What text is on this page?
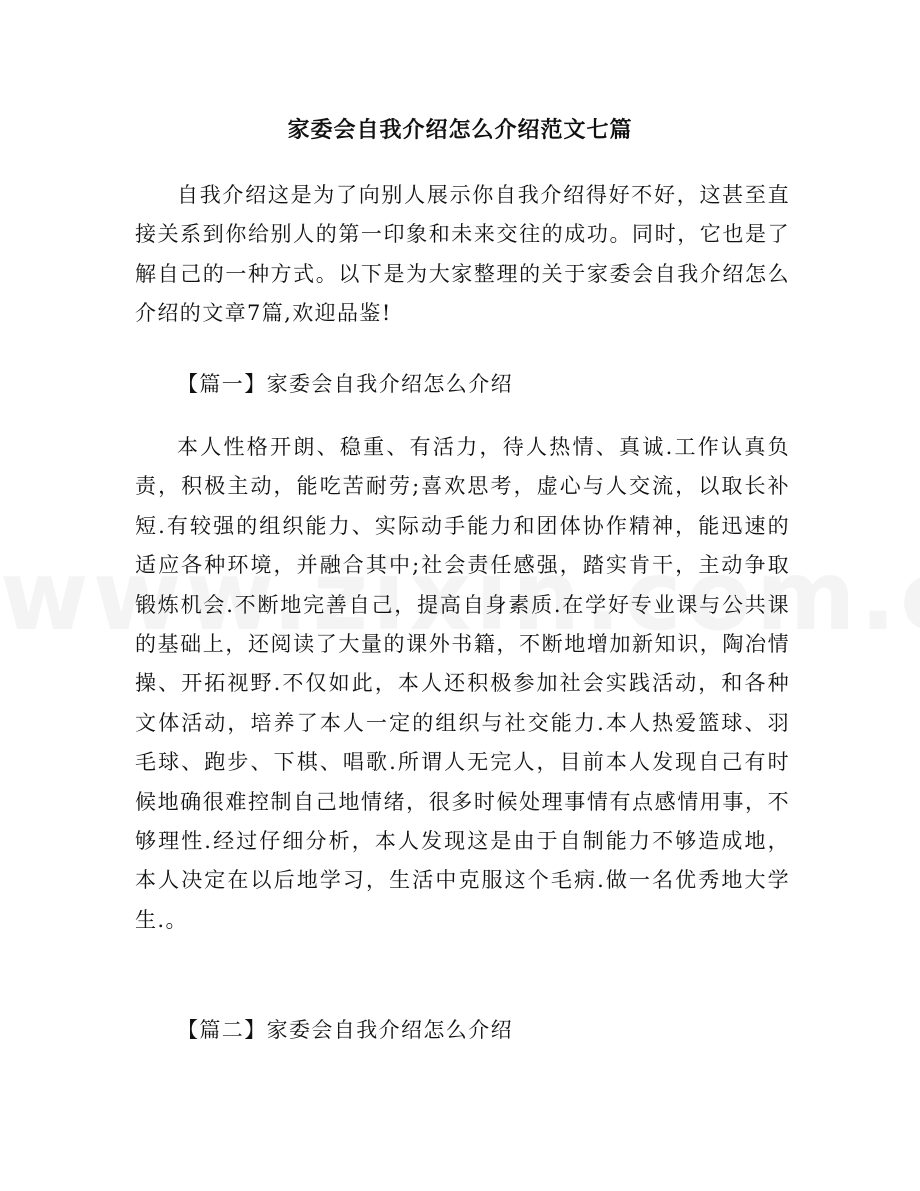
家委会自我介绍怎么介绍范文七篇

自我介绍这是为了向别人展示你自我介绍得好不好，这甚至直接关系到你给别人的第一印象和未来交往的成功。同时，它也是了解自己的一种方式。以下是为大家整理的关于家委会自我介绍怎么介绍的文章7篇,欢迎品鉴!

【篇一】家委会自我介绍怎么介绍

本人性格开朗、稳重、有活力，待人热情、真诚.工作认真负责，积极主动，能吃苦耐劳;喜欢思考，虚心与人交流，以取长补短.有较强的组织能力、实际动手能力和团体协作精神，能迅速的适应各种环境，并融合其中;社会责任感强，踏实肯干，主动争取锻炼机会.不断地完善自己，提高自身素质.在学好专业课与公共课的基础上，还阅读了大量的课外书籍，不断地增加新知识，陶冶情操、开拓视野.不仅如此，本人还积极参加社会实践活动，和各种文体活动，培养了本人一定的组织与社交能力.本人热爱篮球、羽毛球、跑步、下棋、唱歌.所谓人无完人，目前本人发现自己有时候地确很难控制自己地情绪，很多时候处理事情有点感情用事，不够理性.经过仔细分析，本人发现这是由于自制能力不够造成地，本人决定在以后地学习，生活中克服这个毛病.做一名优秀地大学生.。

【篇二】家委会自我介绍怎么介绍
